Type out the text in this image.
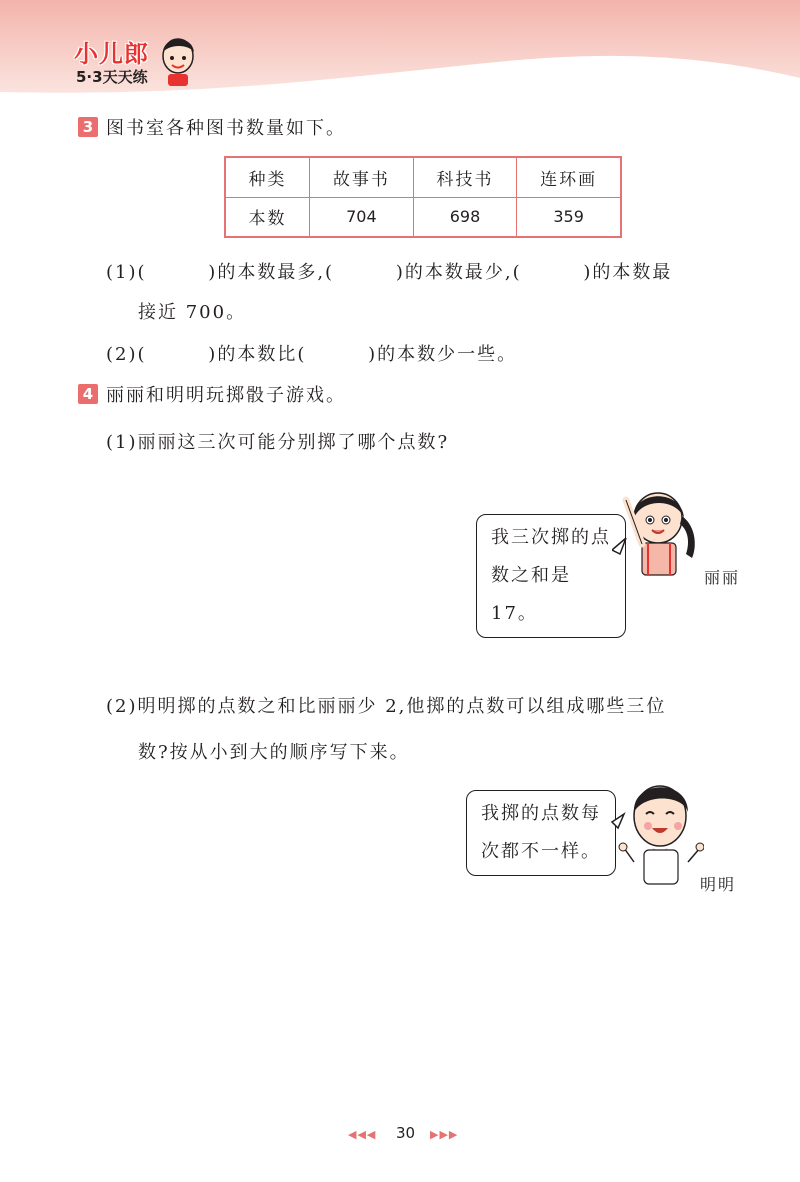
小儿郎
5·3天天练
3 图书室各种图书数量如下。
种类	故事书	科技书	连环画
本数	704	698	359
(1)(        )的本数最多,(        )的本数最少,(        )的本数最
接近 700。
(2)(        )的本数比(        )的本数少一些。
4 丽丽和明明玩掷骰子游戏。
(1)丽丽这三次可能分别掷了哪个点数?
我三次掷的点
数之和是 17。
丽丽
(2)明明掷的点数之和比丽丽少 2,他掷的点数可以组成哪些三位
数?按从小到大的顺序写下来。
我掷的点数每
次都不一样。
明明
◀◀◀ 30 ▶▶▶
